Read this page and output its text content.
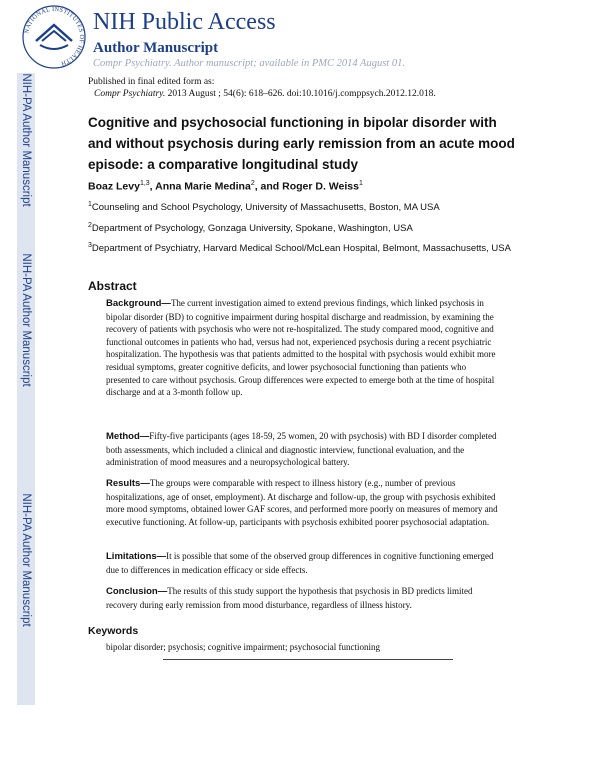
NIH-PA Author Manuscript
NIH-PA Author Manuscript
NIH-PA Author Manuscript
NATIONAL INSTITUTES OF HEALTH
NIH Public Access
Author Manuscript
Compr Psychiatry. Author manuscript; available in PMC 2014 August 01.
Published in final edited form as:
Compr Psychiatry. 2013 August ; 54(6): 618–626. doi:10.1016/j.comppsych.2012.12.018.
Cognitive and psychosocial functioning in bipolar disorder with and without psychosis during early remission from an acute mood episode: a comparative longitudinal study
Boaz Levy$^{1,3}$, Anna Marie Medina$^2$, and Roger D. Weiss$^1$
$^1$Counseling and School Psychology, University of Massachusetts, Boston, MA USA
$^2$Department of Psychology, Gonzaga University, Spokane, Washington, USA
$^3$Department of Psychiatry, Harvard Medical School/McLean Hospital, Belmont, Massachusetts, USA
Abstract

Background—The current investigation aimed to extend previous findings, which linked psychosis in bipolar disorder (BD) to cognitive impairment during hospital discharge and readmission, by examining the recovery of patients with psychosis who were not re-hospitalized. The study compared mood, cognitive and functional outcomes in patients who had, versus had not, experienced psychosis during a recent psychiatric hospitalization. The hypothesis was that patients admitted to the hospital with psychosis would exhibit more residual symptoms, greater cognitive deficits, and lower psychosocial functioning than patients who presented to care without psychosis. Group differences were expected to emerge both at the time of hospital discharge and at a 3-month follow up.

Method—Fifty-five participants (ages 18-59, 25 women, 20 with psychosis) with BD I disorder completed both assessments, which included a clinical and diagnostic interview, functional evaluation, and the administration of mood measures and a neuropsychological battery.

Results—The groups were comparable with respect to illness history (e.g., number of previous hospitalizations, age of onset, employment). At discharge and follow-up, the group with psychosis exhibited more mood symptoms, obtained lower GAF scores, and performed more poorly on measures of memory and executive functioning. At follow-up, participants with psychosis exhibited poorer psychosocial adaptation.

Limitations—It is possible that some of the observed group differences in cognitive functioning emerged due to differences in medication efficacy or side effects.

Conclusion—The results of this study support the hypothesis that psychosis in BD predicts limited recovery during early remission from mood disturbance, regardless of illness history.

Keywords
bipolar disorder; psychosis; cognitive impairment; psychosocial functioning
